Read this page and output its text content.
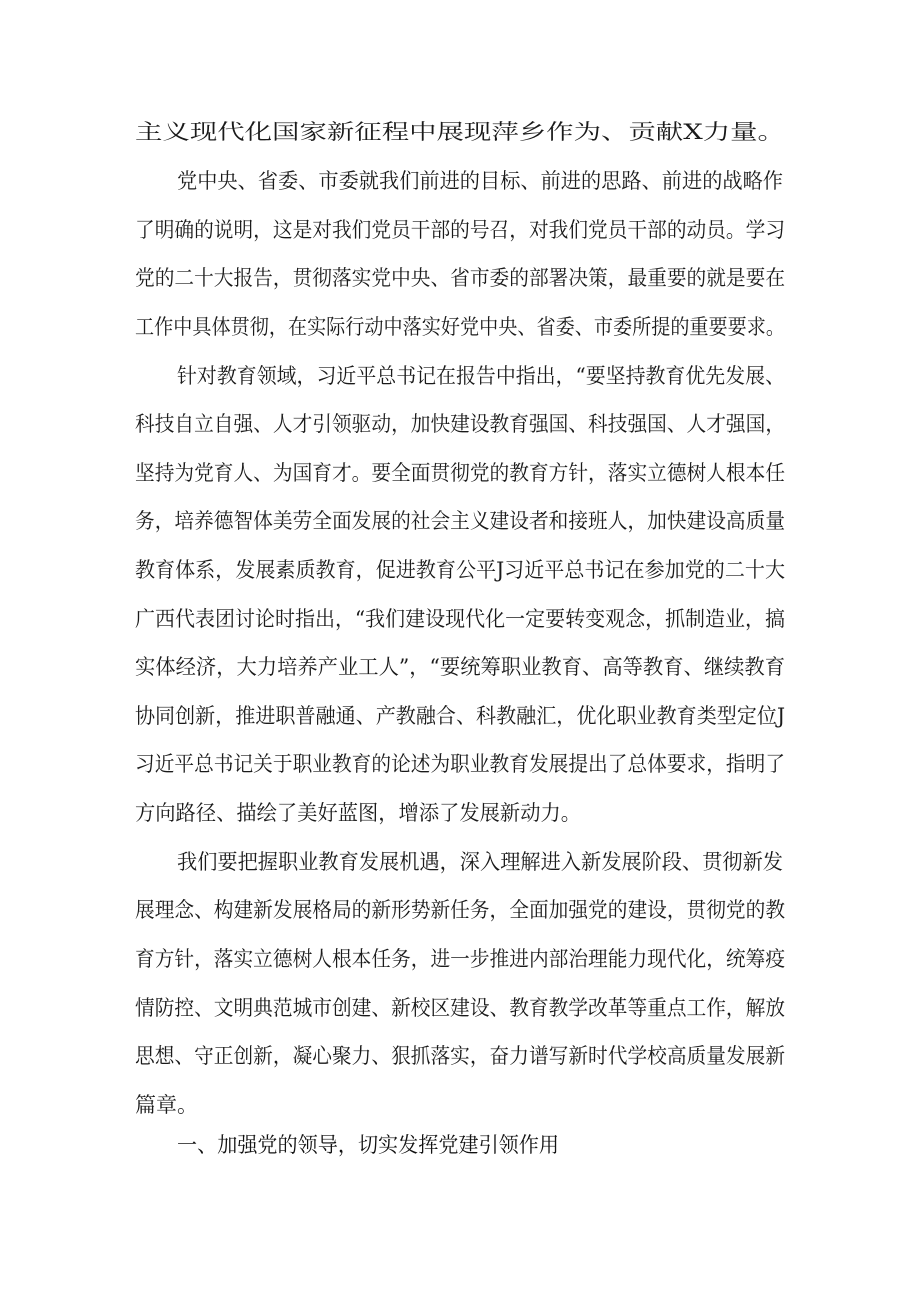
主义现代化国家新征程中展现萍乡作为、贡献X力量。
党中央、省委、市委就我们前进的目标、前进的思路、前进的战略作
了明确的说明，这是对我们党员干部的号召，对我们党员干部的动员。学习
党的二十大报告，贯彻落实党中央、省市委的部署决策，最重要的就是要在
工作中具体贯彻，在实际行动中落实好党中央、省委、市委所提的重要要求。
针对教育领域，习近平总书记在报告中指出，“要坚持教育优先发展、
科技自立自强、人才引领驱动，加快建设教育强国、科技强国、人才强国，
坚持为党育人、为国育才。要全面贯彻党的教育方针，落实立德树人根本任
务，培养德智体美劳全面发展的社会主义建设者和接班人，加快建设高质量
教育体系，发展素质教育，促进教育公平J习近平总书记在参加党的二十大
广西代表团讨论时指出，“我们建设现代化一定要转变观念，抓制造业，搞
实体经济，大力培养产业工人”，“要统筹职业教育、高等教育、继续教育
协同创新，推进职普融通、产教融合、科教融汇，优化职业教育类型定位J
习近平总书记关于职业教育的论述为职业教育发展提出了总体要求，指明了
方向路径、描绘了美好蓝图，增添了发展新动力。
我们要把握职业教育发展机遇，深入理解进入新发展阶段、贯彻新发
展理念、构建新发展格局的新形势新任务，全面加强党的建设，贯彻党的教
育方针，落实立德树人根本任务，进一步推进内部治理能力现代化，统筹疫
情防控、文明典范城市创建、新校区建设、教育教学改革等重点工作，解放
思想、守正创新，凝心聚力、狠抓落实，奋力谱写新时代学校高质量发展新
篇章。
一、加强党的领导，切实发挥党建引领作用
